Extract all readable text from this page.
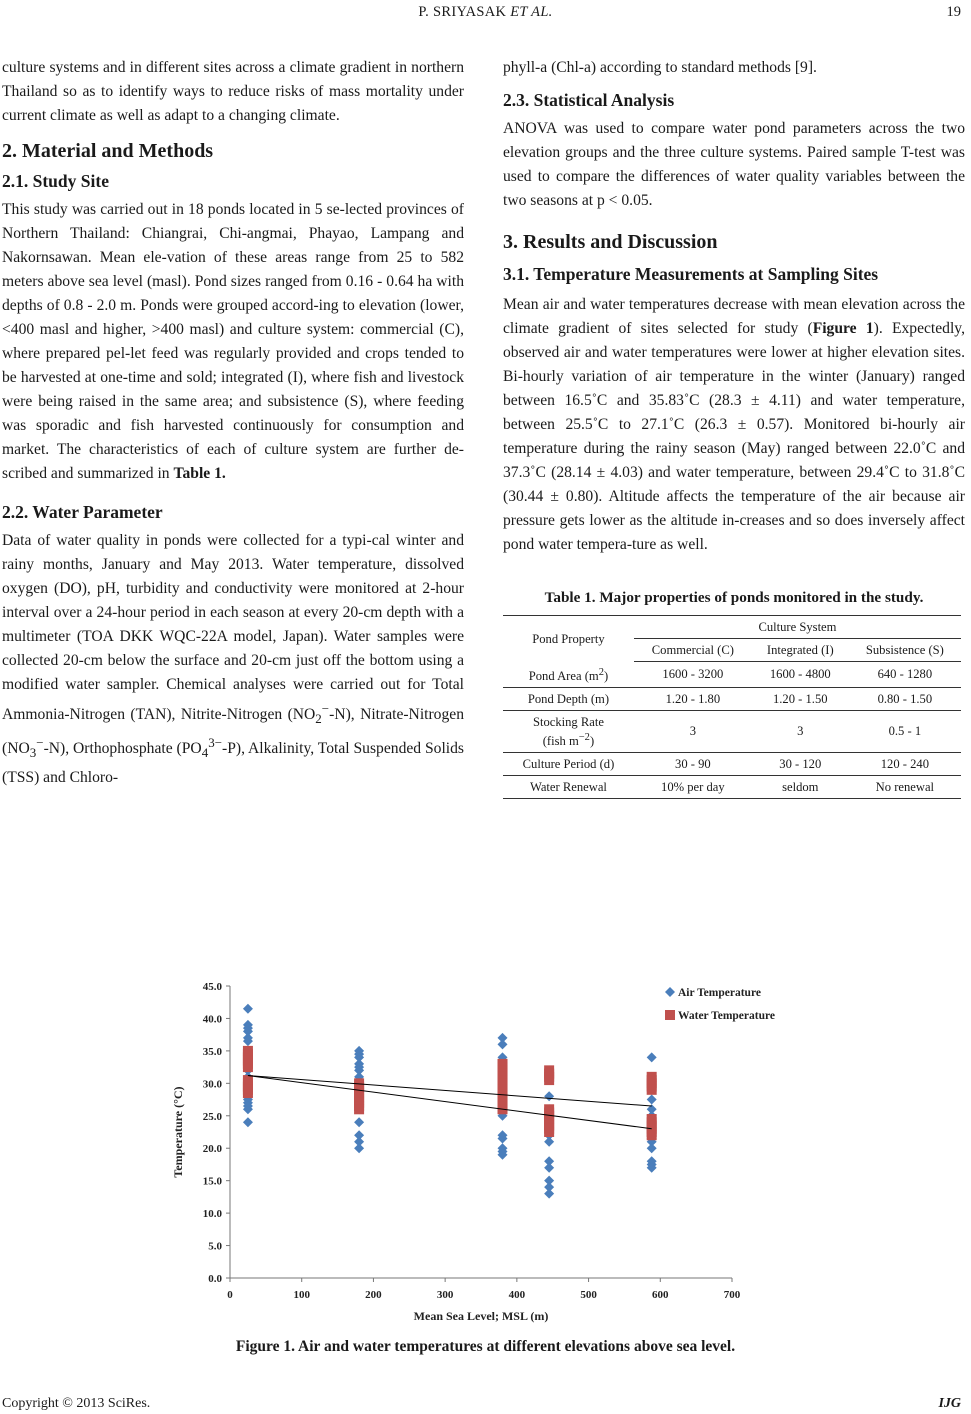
P. SRIYASAK ET AL.	19

culture systems and in different sites across a climate gradient in northern Thailand so as to identify ways to reduce risks of mass mortality under current climate as well as adapt to a changing climate.

2. Material and Methods
2.1. Study Site

This study was carried out in 18 ponds located in 5 se-lected provinces of Northern Thailand: Chiangrai, Chi-angmai, Phayao, Lampang and Nakornsawan. Mean ele-vation of these areas range from 25 to 582 meters above sea level (masl). Pond sizes ranged from 0.16 - 0.64 ha with depths of 0.8 - 2.0 m. Ponds were grouped accord-ing to elevation (lower, <400 masl and higher, >400 masl) and culture system: commercial (C), where prepared pel-let feed was regularly provided and crops tended to be harvested at one-time and sold; integrated (I), where fish and livestock were being raised in the same area; and subsistence (S), where feeding was sporadic and fish harvested continuously for consumption and market. The characteristics of each of culture system are further de-scribed and summarized in Table 1.

2.2. Water Parameter

Data of water quality in ponds were collected for a typi-cal winter and rainy months, January and May 2013. Water temperature, dissolved oxygen (DO), pH, turbidity and conductivity were monitored at 2-hour interval over a 24-hour period in each season at every 20-cm depth with a multimeter (TOA DKK WQC-22A model, Japan). Water samples were collected 20-cm below the surface and 20-cm just off the bottom using a modified water sampler. Chemical analyses were carried out for Total Ammonia-Nitrogen (TAN), Nitrite-Nitrogen $(NO_2^--N)$, Nitrate-Nitrogen $(NO_3^--N)$, Orthophosphate $(PO_4^{3-}-P)$, Alkalinity, Total Suspended Solids (TSS) and Chloro-

phyll-a (Chl-a) according to standard methods [9].

2.3. Statistical Analysis

ANOVA was used to compare water pond parameters across the two elevation groups and the three culture systems. Paired sample T-test was used to compare the differences of water quality variables between the two seasons at p < 0.05.

3. Results and Discussion
3.1. Temperature Measurements at Sampling Sites

Mean air and water temperatures decrease with mean elevation across the climate gradient of sites selected for study (Figure 1). Expectedly, observed air and water temperatures were lower at higher elevation sites. Bi-hourly variation of air temperature in the winter (January) ranged between 16.5˚C and 35.83˚C (28.3 ± 4.11) and water temperature, between 25.5˚C to 27.1˚C (26.3 ± 0.57). Monitored bi-hourly air temperature during the rainy season (May) ranged between 22.0˚C and 37.3˚C (28.14 ± 4.03) and water temperature, between 29.4˚C to 31.8˚C (30.44 ± 0.80). Altitude affects the temperature of the air because air pressure gets lower as the altitude in-creases and so does inversely affect pond water tempera-ture as well.

Table 1. Major properties of ponds monitored in the study.
Pond Property	Culture System		
	Commercial (C)	Integrated (I)	Subsistence (S)
Pond Area $(m^2)$	1600 - 3200	1600 - 4800	640 - 1280
Pond Depth (m)	1.20 - 1.80	1.20 - 1.50	0.80 - 1.50
Stocking Rate
(fish $m^{-2}$)	3	3	0.5 - 1
Culture Period (d)	30 - 90	30 - 120	120 - 240
Water Renewal	10% per day	seldom	No renewal
0.0
5.0
10.0
15.0
20.0
25.0
30.0
35.0
40.0
45.0
0	100	200	300	400	500	600	700
Mean Sea Level; MSL (m)
Temperature (°C)
Air Temperature
Water Temperature
Figure 1. Air and water temperatures at different elevations above sea level.
Copyright © 2013 SciRes.	IJG
